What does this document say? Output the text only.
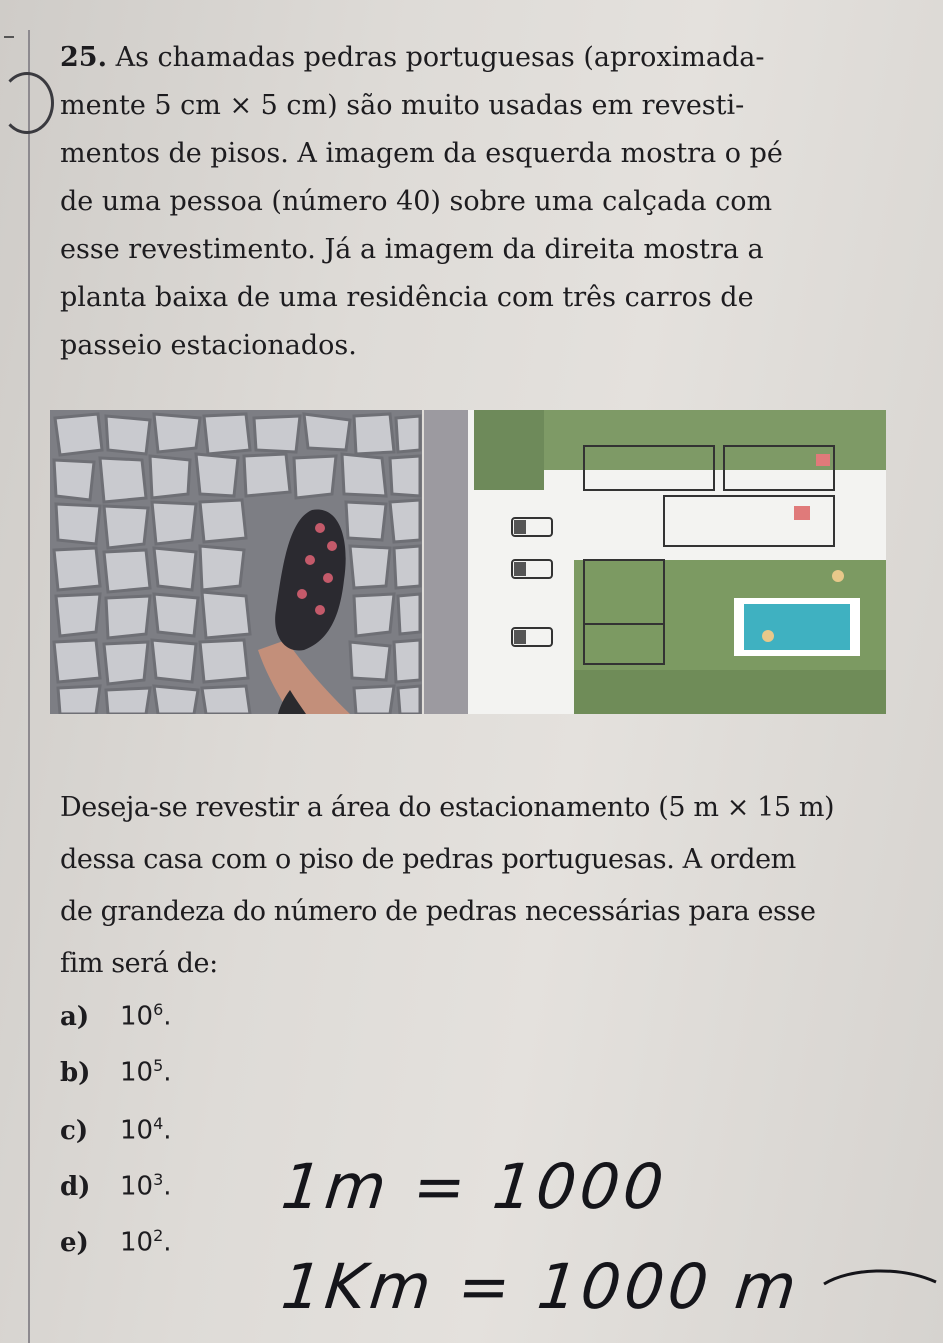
25. As chamadas pedras portuguesas (aproximada-
mente 5 cm × 5 cm) são muito usadas em revesti-
mentos de pisos. A imagem da esquerda mostra o pé
de uma pessoa (número 40) sobre uma calçada com
esse revestimento. Já a imagem da direita mostra a
planta baixa de uma residência com três carros de
passeio estacionados.
Deseja-se revestir a área do estacionamento (5 m × 15 m)
dessa casa com o piso de pedras portuguesas. A ordem
de grandeza do número de pedras necessárias para esse
fim será de:
a) $10^6$.
b) $10^5$.
c) $10^4$.
d) $10^3$.
e) $10^2$.
1m = 1000
1Km = 1000 m
